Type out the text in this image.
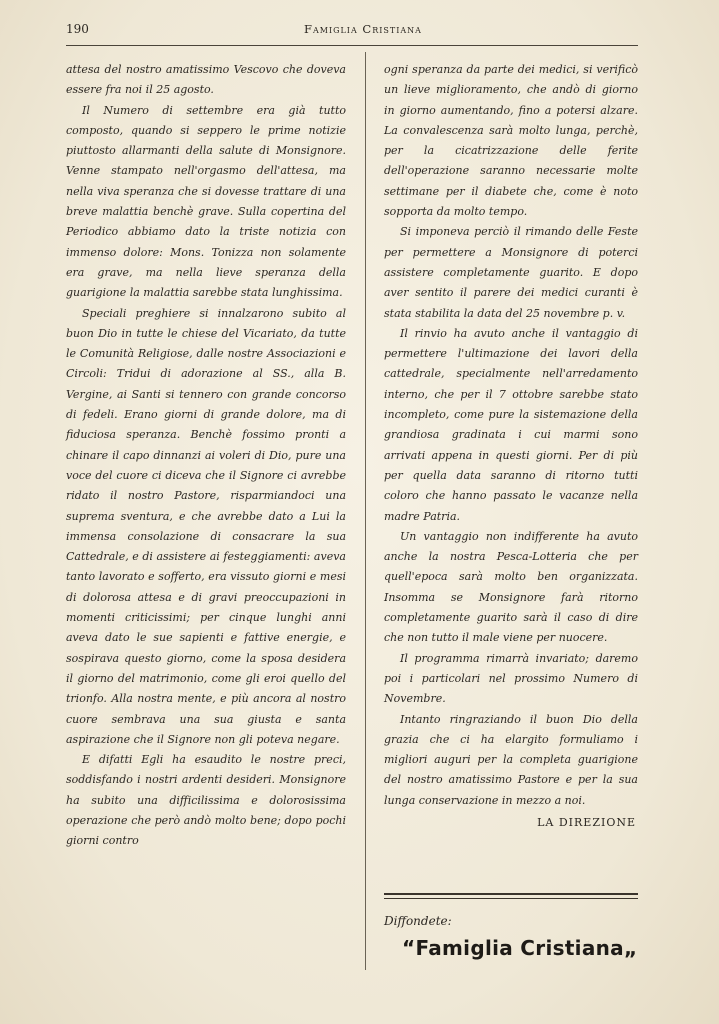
190	Famiglia Cristiana

attesa del nostro amatissimo Vescovo che doveva essere fra noi il 25 agosto.

Il Numero di settembre era già tutto composto, quando si seppero le prime notizie piuttosto allarmanti della salute di Monsignore. Venne stampato nell'orgasmo dell'attesa, ma nella viva speranza che si dovesse trattare di una breve malattia benchè grave. Sulla copertina del Periodico abbiamo dato la triste notizia con immenso dolore: Mons. Tonizza non solamente era grave, ma nella lieve speranza della guarigione la malattia sarebbe stata lunghissima.

Speciali preghiere si innalzarono subito al buon Dio in tutte le chiese del Vicariato, da tutte le Comunità Religiose, dalle nostre Associazioni e Circoli: Tridui di adorazione al SS., alla B. Vergine, ai Santi si tennero con grande concorso di fedeli. Erano giorni di grande dolore, ma di fiduciosa speranza. Benchè fossimo pronti a chinare il capo dinnanzi ai voleri di Dio, pure una voce del cuore ci diceva che il Signore ci avrebbe ridato il nostro Pastore, risparmiandoci una suprema sventura, e che avrebbe dato a Lui la immensa consolazione di consacrare la sua Cattedrale, e di assistere ai festeggiamenti: aveva tanto lavorato e sofferto, era vissuto giorni e mesi di dolorosa attesa e di gravi preoccupazioni in momenti criticissimi; per cinque lunghi anni aveva dato le sue sapienti e fattive energie, e sospirava questo giorno, come la sposa desidera il giorno del matrimonio, come gli eroi quello del trionfo. Alla nostra mente, e più ancora al nostro cuore sembrava una sua giusta e santa aspirazione che il Signore non gli poteva negare.

E difatti Egli ha esaudito le nostre preci, soddisfando i nostri ardenti desideri. Monsignore ha subito una difficilissima e dolorosissima operazione che però andò molto bene; dopo pochi giorni contro

ogni speranza da parte dei medici, si verificò un lieve miglioramento, che andò di giorno in giorno aumentando, fino a potersi alzare. La convalescenza sarà molto lunga, perchè, per la cicatrizzazione delle ferite dell'operazione saranno necessarie molte settimane per il diabete che, come è noto sopporta da molto tempo.

Si imponeva perciò il rimando delle Feste per permettere a Monsignore di poterci assistere completamente guarito. E dopo aver sentito il parere dei medici curanti è stata stabilita la data del 25 novembre p. v.

Il rinvio ha avuto anche il vantaggio di permettere l'ultimazione dei lavori della cattedrale, specialmente nell'arredamento interno, che per il 7 ottobre sarebbe stato incompleto, come pure la sistemazione della grandiosa gradinata i cui marmi sono arrivati appena in questi giorni. Per di più per quella data saranno di ritorno tutti coloro che hanno passato le vacanze nella madre Patria.

Un vantaggio non indifferente ha avuto anche la nostra Pesca-Lotteria che per quell'epoca sarà molto ben organizzata. Insomma se Monsignore farà ritorno completamente guarito sarà il caso di dire che non tutto il male viene per nuocere.

Il programma rimarrà invariato; daremo poi i particolari nel prossimo Numero di Novembre.

Intanto ringraziando il buon Dio della grazia che ci ha elargito formuliamo i migliori auguri per la completa guarigione del nostro amatissimo Pastore e per la sua lunga conservazione in mezzo a noi.

LA DIREZIONE
Diffondete:
“Famiglia Cristiana„
